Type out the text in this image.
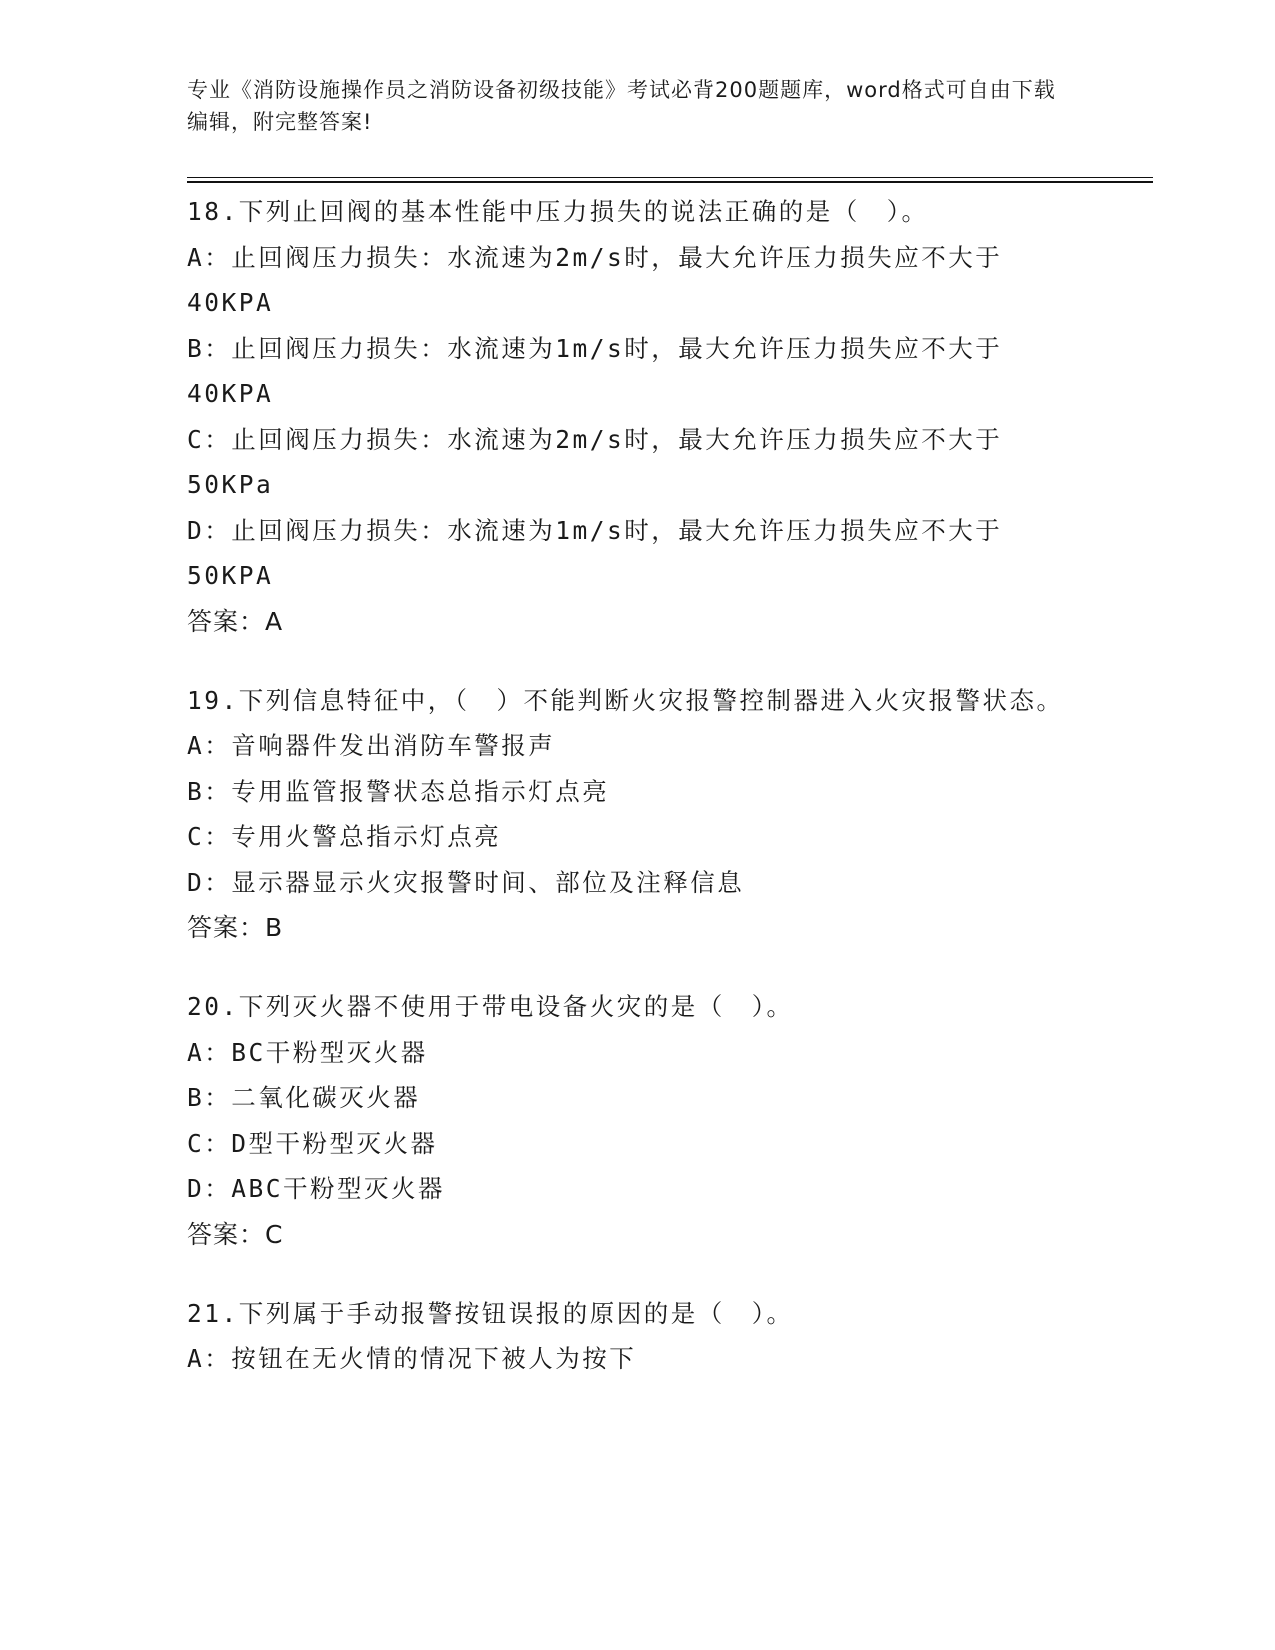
专业《消防设施操作员之消防设备初级技能》考试必背200题题库，word格式可自由下载编辑，附完整答案!
18.下列止回阀的基本性能中压力损失的说法正确的是（　）。
A：止回阀压力损失：水流速为2m/s时，最大允许压力损失应不大于40KPA
B：止回阀压力损失：水流速为1m/s时，最大允许压力损失应不大于40KPA
C：止回阀压力损失：水流速为2m/s时，最大允许压力损失应不大于50KPa
D：止回阀压力损失：水流速为1m/s时，最大允许压力损失应不大于50KPA
答案：A
19.下列信息特征中，（　）不能判断火灾报警控制器进入火灾报警状态。
A：音响器件发出消防车警报声
B：专用监管报警状态总指示灯点亮
C：专用火警总指示灯点亮
D：显示器显示火灾报警时间、部位及注释信息
答案：B
20.下列灭火器不使用于带电设备火灾的是（　）。
A：BC干粉型灭火器
B：二氧化碳灭火器
C：D型干粉型灭火器
D：ABC干粉型灭火器
答案：C
21.下列属于手动报警按钮误报的原因的是（　）。
A：按钮在无火情的情况下被人为按下
